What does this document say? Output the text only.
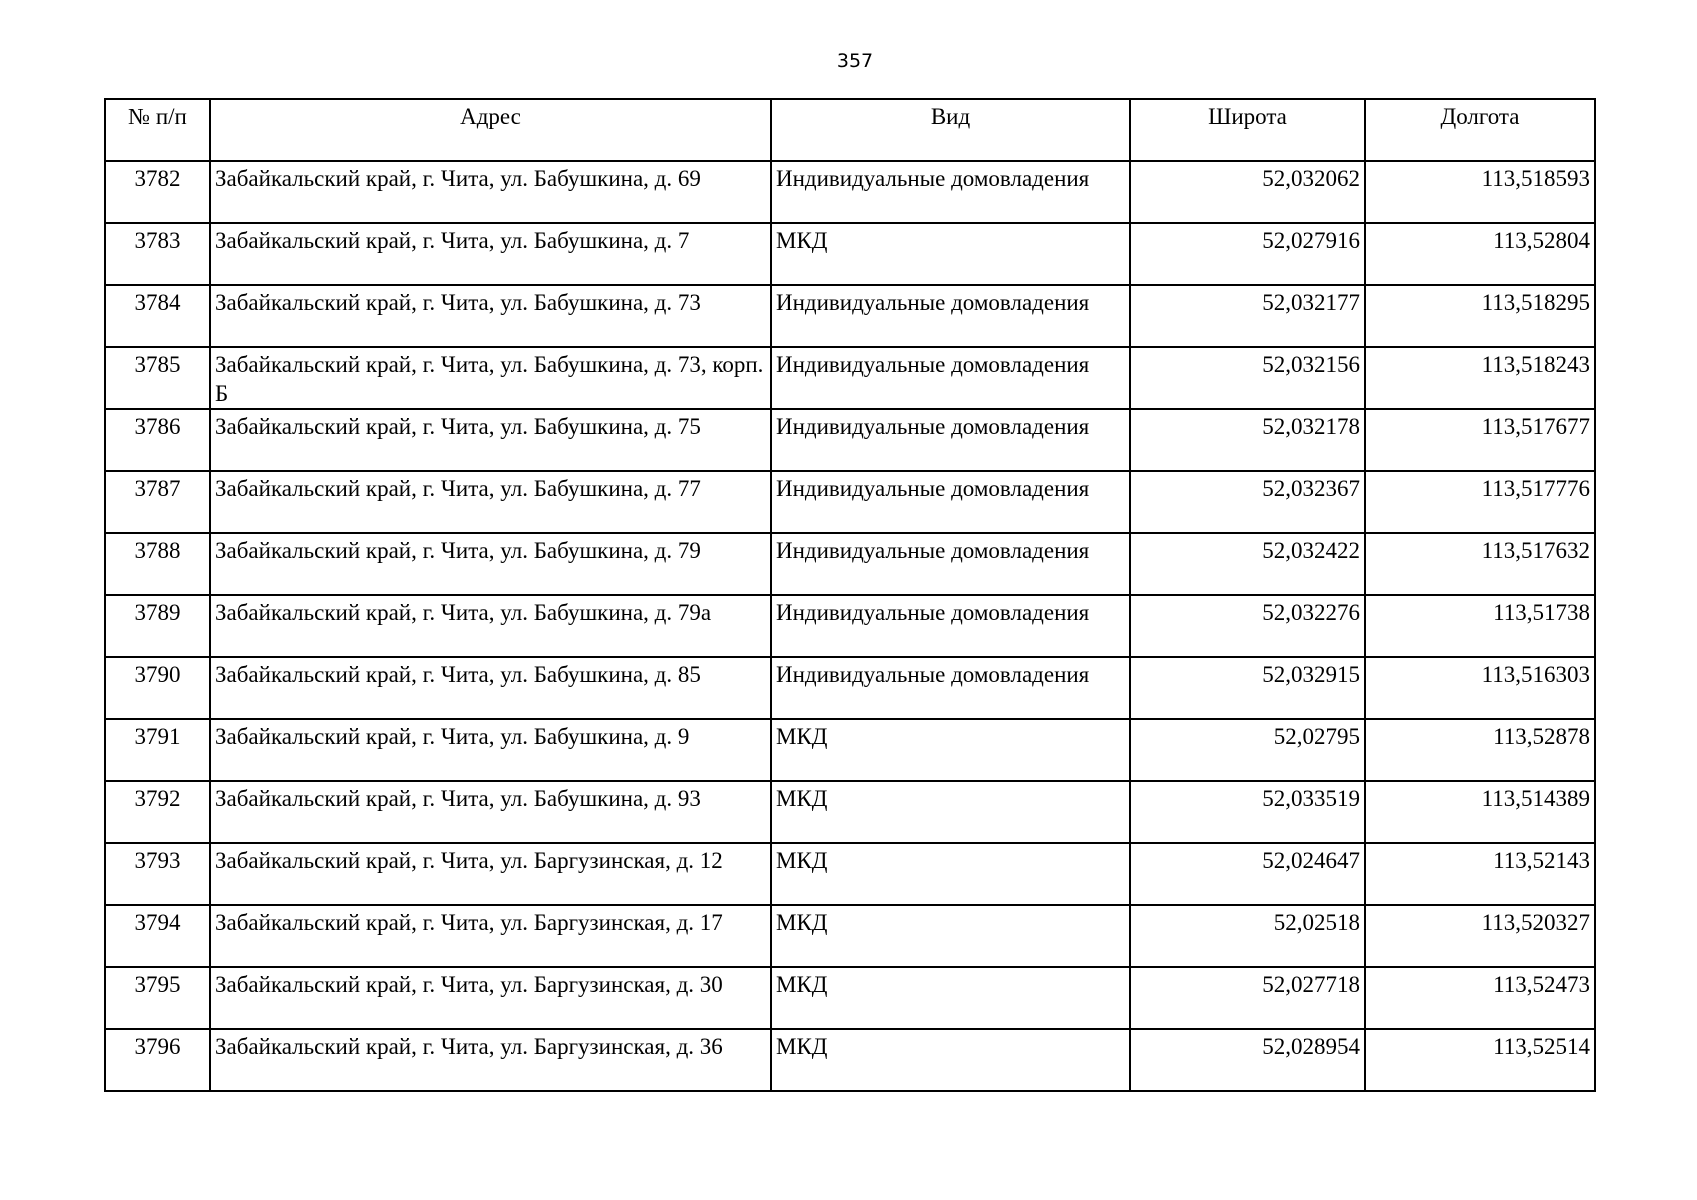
357
№ п/п	Адрес	Вид	Широта	Долгота
3782	Забайкальский край, г. Чита, ул. Бабушкина, д. 69	Индивидуальные домовладения	52,032062	113,518593
3783	Забайкальский край, г. Чита, ул. Бабушкина, д. 7	МКД	52,027916	113,52804
3784	Забайкальский край, г. Чита, ул. Бабушкина, д. 73	Индивидуальные домовладения	52,032177	113,518295
3785	Забайкальский край, г. Чита, ул. Бабушкина, д. 73, корп. Б	Индивидуальные домовладения	52,032156	113,518243
3786	Забайкальский край, г. Чита, ул. Бабушкина, д. 75	Индивидуальные домовладения	52,032178	113,517677
3787	Забайкальский край, г. Чита, ул. Бабушкина, д. 77	Индивидуальные домовладения	52,032367	113,517776
3788	Забайкальский край, г. Чита, ул. Бабушкина, д. 79	Индивидуальные домовладения	52,032422	113,517632
3789	Забайкальский край, г. Чита, ул. Бабушкина, д. 79а	Индивидуальные домовладения	52,032276	113,51738
3790	Забайкальский край, г. Чита, ул. Бабушкина, д. 85	Индивидуальные домовладения	52,032915	113,516303
3791	Забайкальский край, г. Чита, ул. Бабушкина, д. 9	МКД	52,02795	113,52878
3792	Забайкальский край, г. Чита, ул. Бабушкина, д. 93	МКД	52,033519	113,514389
3793	Забайкальский край, г. Чита, ул. Баргузинская, д. 12	МКД	52,024647	113,52143
3794	Забайкальский край, г. Чита, ул. Баргузинская, д. 17	МКД	52,02518	113,520327
3795	Забайкальский край, г. Чита, ул. Баргузинская, д. 30	МКД	52,027718	113,52473
3796	Забайкальский край, г. Чита, ул. Баргузинская, д. 36	МКД	52,028954	113,52514
